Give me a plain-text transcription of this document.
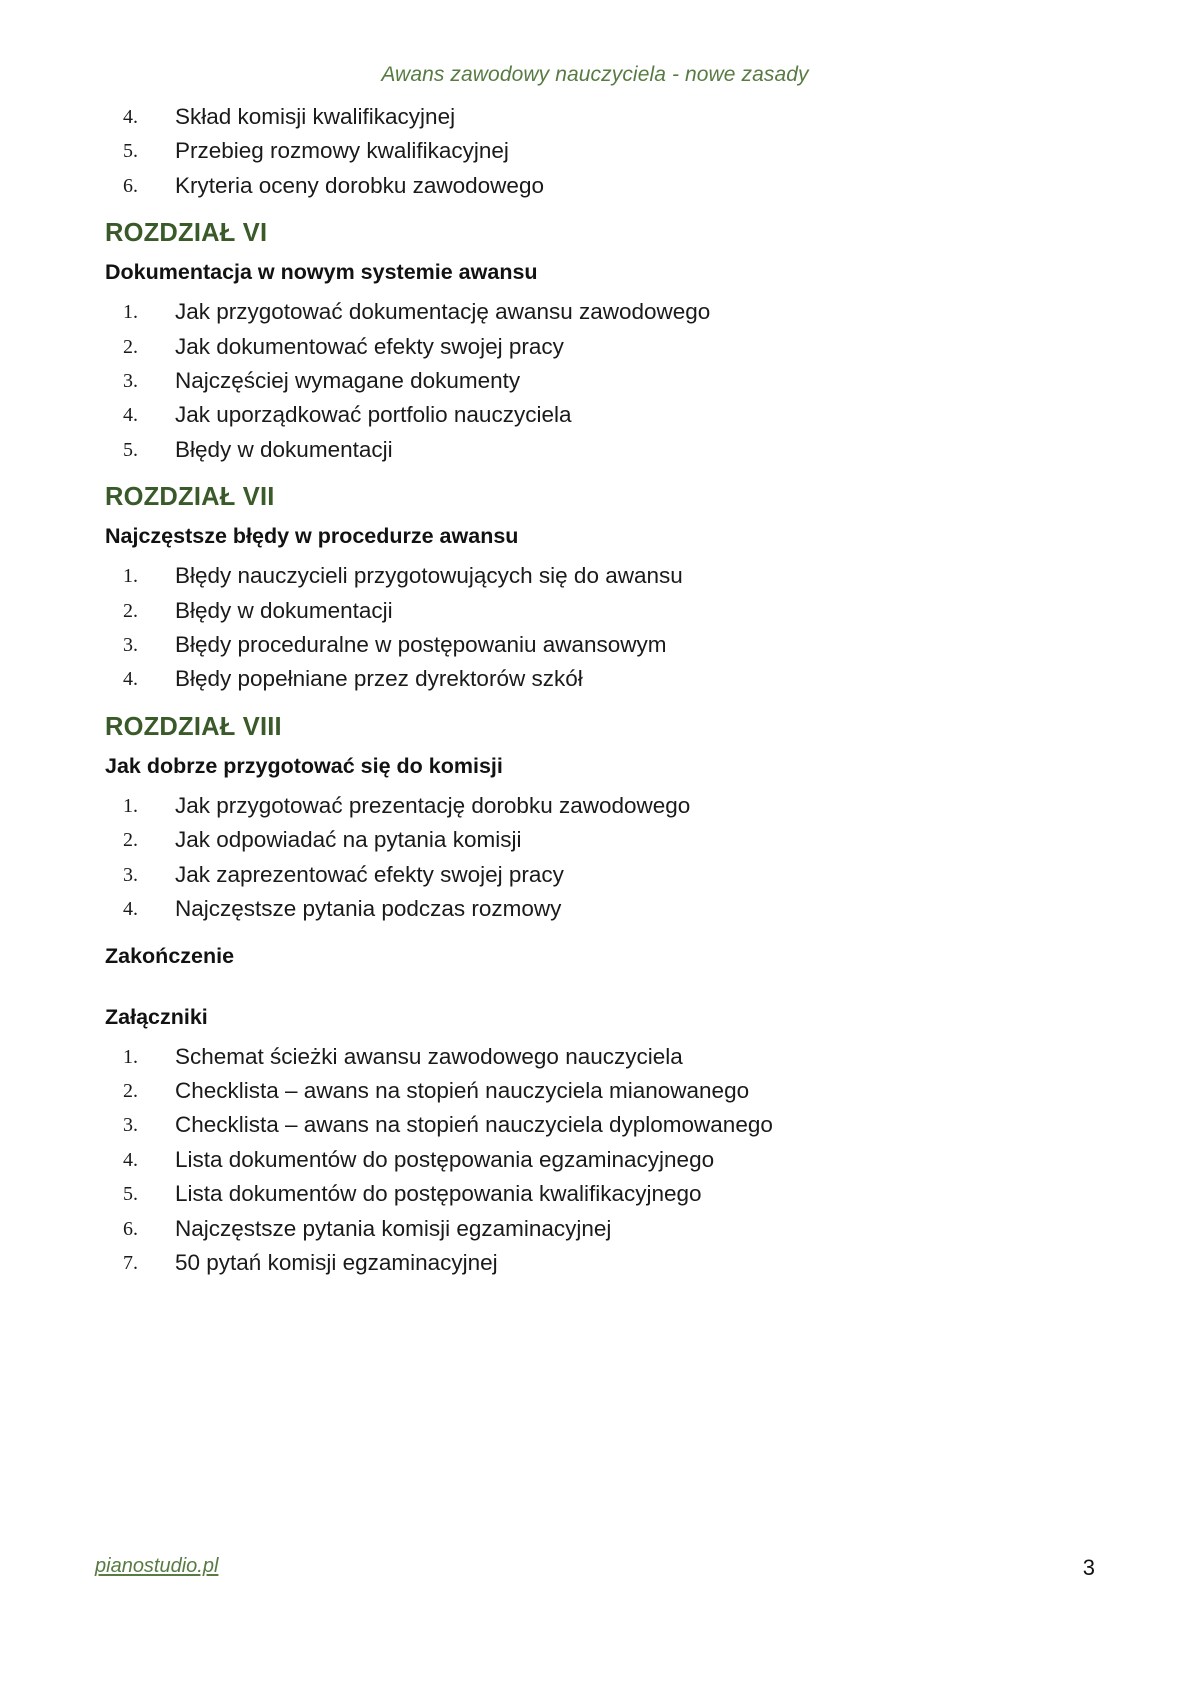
Awans zawodowy nauczyciela - nowe zasady
4.	Skład komisji kwalifikacyjnej
5.	Przebieg rozmowy kwalifikacyjnej
6.	Kryteria oceny dorobku zawodowego
ROZDZIAŁ VI
Dokumentacja w nowym systemie awansu
1.	Jak przygotować dokumentację awansu zawodowego
2.	Jak dokumentować efekty swojej pracy
3.	Najczęściej wymagane dokumenty
4.	Jak uporządkować portfolio nauczyciela
5.	Błędy w dokumentacji
ROZDZIAŁ VII
Najczęstsze błędy w procedurze awansu
1.	Błędy nauczycieli przygotowujących się do awansu
2.	Błędy w dokumentacji
3.	Błędy proceduralne w postępowaniu awansowym
4.	Błędy popełniane przez dyrektorów szkół
ROZDZIAŁ VIII
Jak dobrze przygotować się do komisji
1.	Jak przygotować prezentację dorobku zawodowego
2.	Jak odpowiadać na pytania komisji
3.	Jak zaprezentować efekty swojej pracy
4.	Najczęstsze pytania podczas rozmowy
Zakończenie
Załączniki
1.	Schemat ścieżki awansu zawodowego nauczyciela
2.	Checklista – awans na stopień nauczyciela mianowanego
3.	Checklista – awans na stopień nauczyciela dyplomowanego
4.	Lista dokumentów do postępowania egzaminacyjnego
5.	Lista dokumentów do postępowania kwalifikacyjnego
6.	Najczęstsze pytania komisji egzaminacyjnej
7.	50 pytań komisji egzaminacyjnej
pianostudio.pl	3
